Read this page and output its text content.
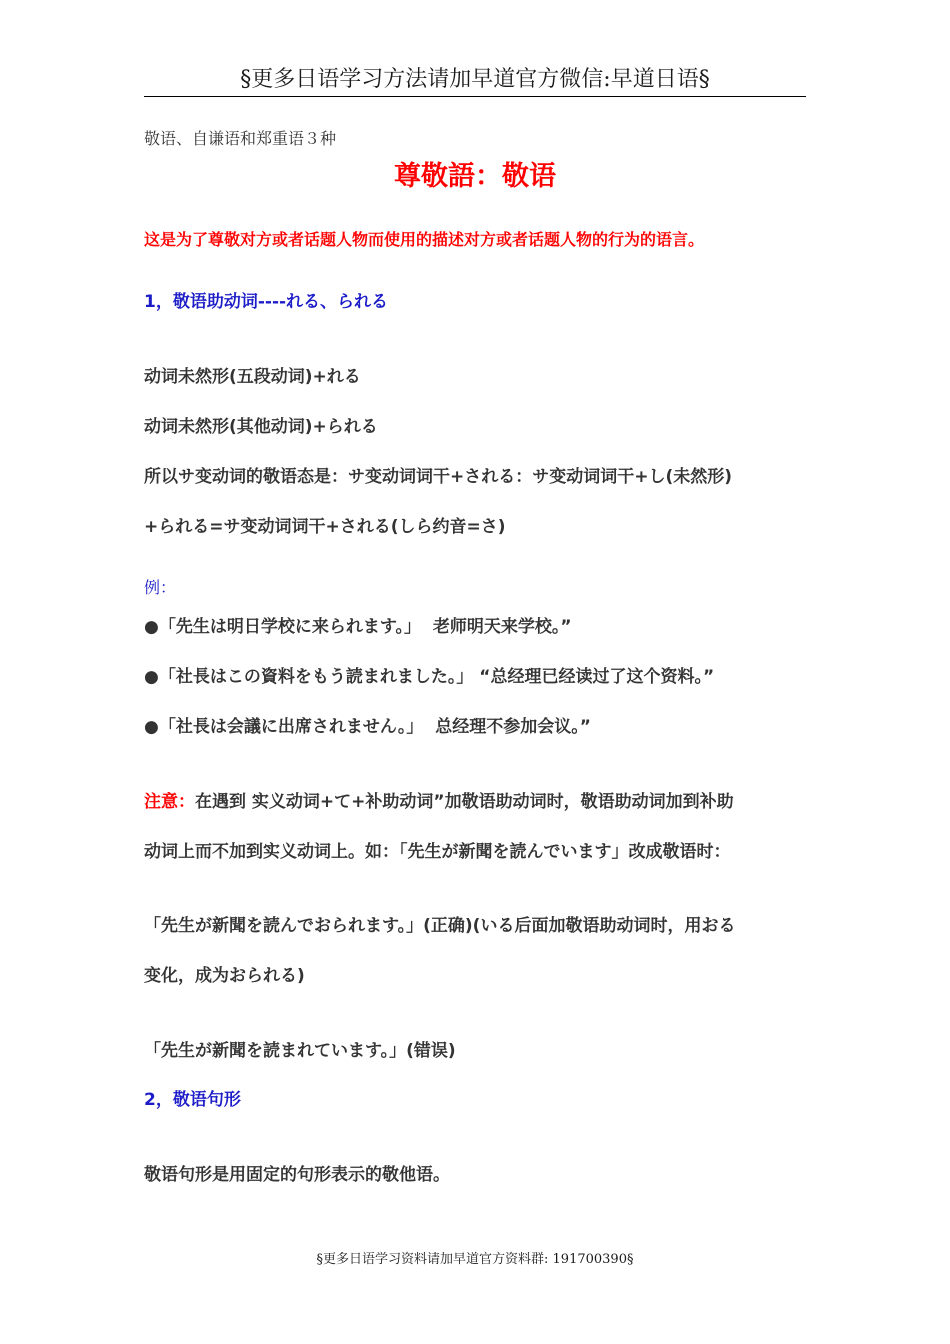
§更多日语学习方法请加早道官方微信:早道日语§
敬语、自谦语和郑重语３种
尊敬語：敬语
这是为了尊敬对方或者话题人物而使用的描述对方或者话题人物的行为的语言。
1，敬语助动词----れる、られる
动词未然形(五段动词)+れる
动词未然形(其他动词)+られる
所以サ变动词的敬语态是：サ变动词词干+される：サ变动词词干+し(未然形)
+られる=サ变动词词干+される(しら约音=さ)
例：
●「先生は明日学校に来られます。」 老师明天来学校。”
●「社長はこの資料をもう読まれました。」 “总经理已经读过了这个资料。”
●「社長は会議に出席されません。」 总经理不参加会议。”
注意：在遇到 实义动词+て+补助动词”加敬语助动词时，敬语助动词加到补助
动词上而不加到实义动词上。如：「先生が新聞を読んでいます」改成敬语时：
「先生が新聞を読んでおられます。」(正确)(いる后面加敬语助动词时，用おる
变化，成为おられる)
「先生が新聞を読まれています。」(错误)
2，敬语句形
敬语句形是用固定的句形表示的敬他语。
§更多日语学习资料请加早道官方资料群: 191700390§
